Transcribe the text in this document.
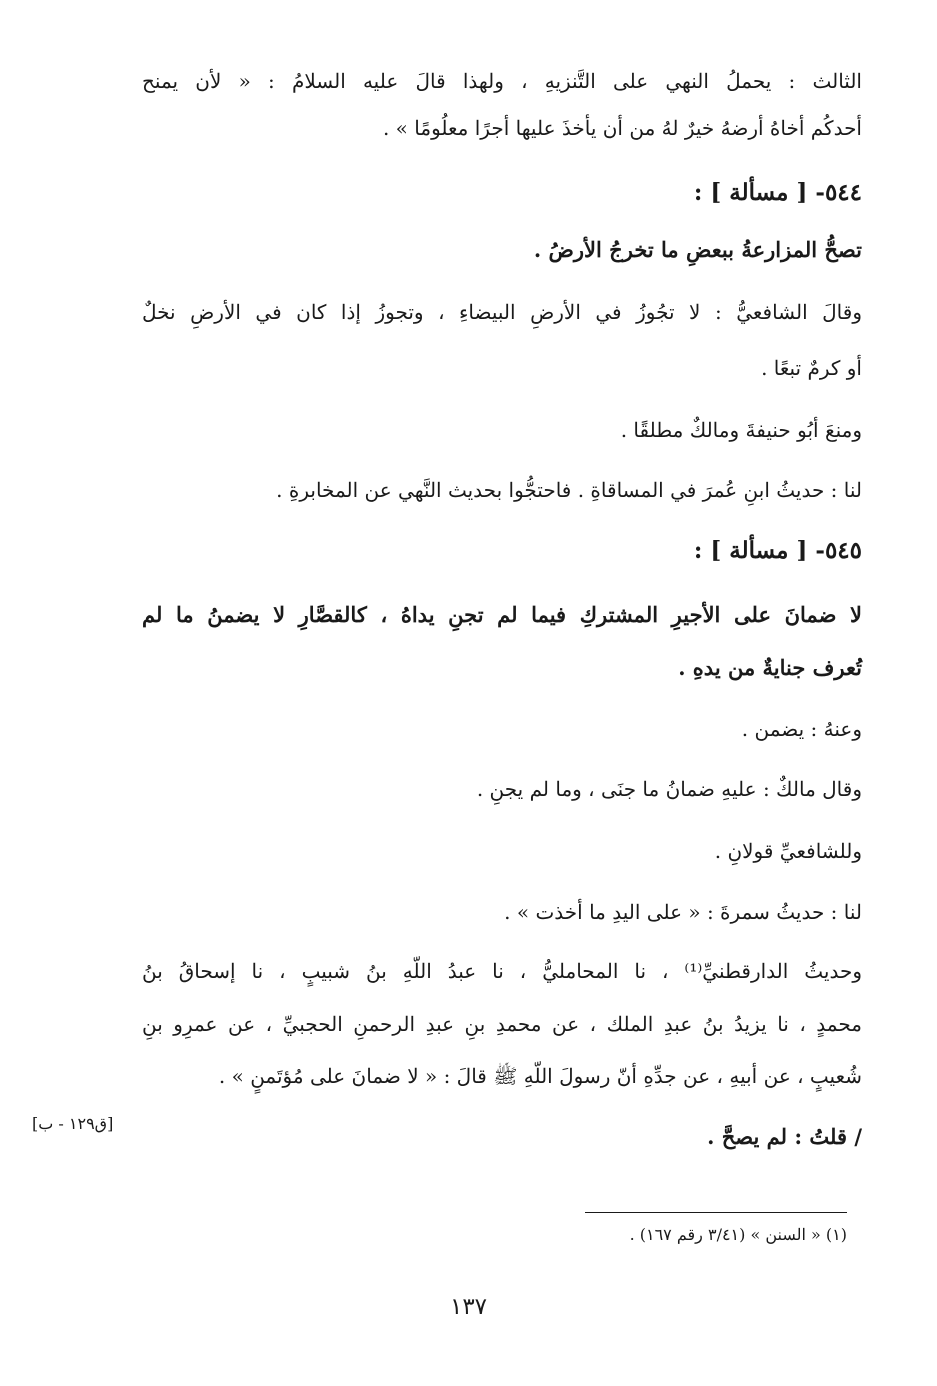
الثالث : يحملُ النهي على التَّنزيهِ ، ولهذا قالَ عليه السلامُ : « لأن يمنح
أحدكُم أخاهُ أرضهُ خيرٌ لهُ من أن يأخذَ عليها أجرًا معلُومًا » .
٥٤٤- [ مسألة ] :
تصحُّ المزارعةُ ببعضِ ما تخرجُ الأرضُ .
وقالَ الشافعيُّ : لا تجُوزُ في الأرضِ البيضاءِ ، وتجوزُ إذا كان في الأرضِ نخلٌ
أو كرمٌ تبعًا .
ومنعَ أبُو حنيفةَ ومالكٌ مطلقًا .
لنا : حديثُ ابنِ عُمرَ في المساقاةِ . فاحتجُّوا بحديث النَّهي عن المخابرةِ .
٥٤٥- [ مسألة ] :
لا ضمانَ على الأجيرِ المشتركِ فيما لم تجنِ يداهُ ، كالقصَّارِ لا يضمنُ ما لم
تُعرف جنايةٌ من يدهِ .
وعنهُ : يضمن .
وقال مالكٌ : عليهِ ضمانُ ما جنَى ، وما لم يجنِ .
وللشافعيِّ قولانِ .
لنا : حديثُ سمرةَ : « على اليدِ ما أخذت » .
وحديثُ الدارقطنيِّ⁽¹⁾ ، نا المحامليُّ ، نا عبدُ اللّهِ بنُ شبيبٍ ، نا إسحاقُ بنُ
محمدٍ ، نا يزيدُ بنُ عبدِ الملك ، عن محمدِ بنِ عبدِ الرحمنِ الحجبيِّ ، عن عمرِو بنِ
شُعيبٍ ، عن أبيهِ ، عن جدِّهِ أنّ رسولَ اللّهِ ﷺ قالَ : « لا ضمانَ على مُؤتَمنٍ » .
/ قلتُ : لم يصحَّ .
[ق١٢٩ - ب]
(١) « السنن » (٣/٤١ رقم ١٦٧) .
١٣٧
